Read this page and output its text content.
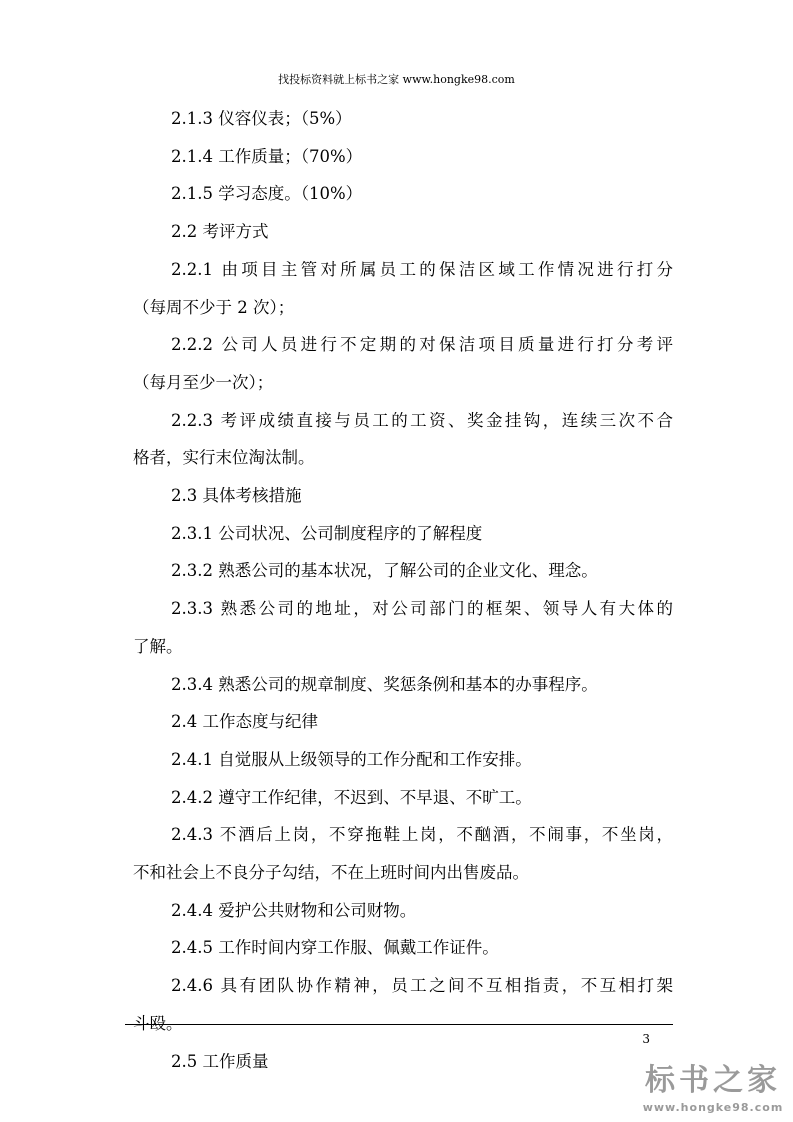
找投标资料就上标书之家 www.hongke98.com
2.1.3 仪容仪表；（5%）
2.1.4 工作质量；（70%）
2.1.5 学习态度。（10%）
2.2 考评方式
2.2.1 由项目主管对所属员工的保洁区域工作情况进行打分
（每周不少于 2 次）；
2.2.2 公司人员进行不定期的对保洁项目质量进行打分考评
（每月至少一次）；
2.2.3 考评成绩直接与员工的工资、奖金挂钩，连续三次不合
格者，实行末位淘汰制。
2.3 具体考核措施
2.3.1 公司状况、公司制度程序的了解程度
2.3.2 熟悉公司的基本状况，了解公司的企业文化、理念。
2.3.3 熟悉公司的地址，对公司部门的框架、领导人有大体的
了解。
2.3.4 熟悉公司的规章制度、奖惩条例和基本的办事程序。
2.4 工作态度与纪律
2.4.1 自觉服从上级领导的工作分配和工作安排。
2.4.2 遵守工作纪律，不迟到、不早退、不旷工。
2.4.3 不酒后上岗，不穿拖鞋上岗，不酗酒，不闹事，不坐岗，
不和社会上不良分子勾结，不在上班时间内出售废品。
2.4.4 爱护公共财物和公司财物。
2.4.5 工作时间内穿工作服、佩戴工作证件。
2.4.6 具有团队协作精神，员工之间不互相指责，不互相打架
斗殴。
2.5 工作质量
3
标书之家
www.hongke98.com
